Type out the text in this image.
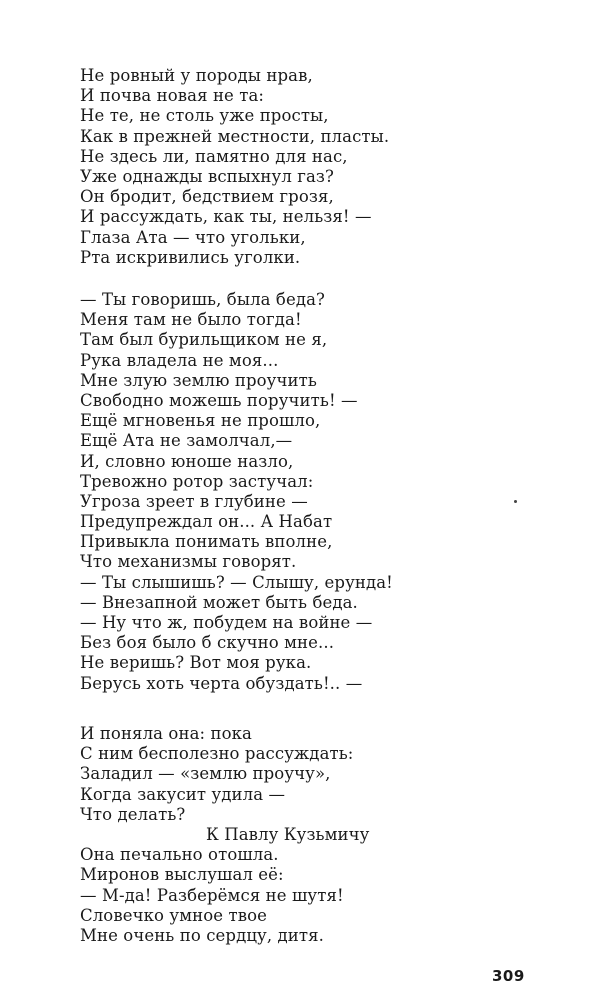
Не ровный у породы нрав,
И почва новая не та:
Не те, не столь уже просты,
Как в прежней местности, пласты.
Не здесь ли, памятно для нас,
Уже однажды вспыхнул газ?
Он бродит, бедствием грозя,
И рассуждать, как ты, нельзя! —
Глаза Ата — что угольки,
Рта искривились уголки.
— Ты говоришь, была беда?
Меня там не было тогда!
Там был бурильщиком не я,
Рука владела не моя...
Мне злую землю проучить
Свободно можешь поручить! —
Ещё мгновенья не прошло,
Ещё Ата не замолчал,—
И, словно юноше назло,
Тревожно ротор застучал:
Угроза зреет в глубине —
Предупреждал он... А Набат
Привыкла понимать вполне,
Что механизмы говорят.
— Ты слышишь? — Слышу, ерунда!
— Внезапной может быть беда.
— Ну что ж, побудем на войне —
Без боя было б скучно мне...
Не веришь? Вот моя рука.
Берусь хоть черта обуздать!.. —
И поняла она: пока
С ним бесполезно рассуждать:
Заладил — «землю проучу»,
Когда закусит удила —
Что делать?
К Павлу Кузьмичу
Она печально отошла.
Миронов выслушал её:
— М-да! Разберёмся не шутя!
Словечко умное твое
Мне очень по сердцу, дитя.
309
